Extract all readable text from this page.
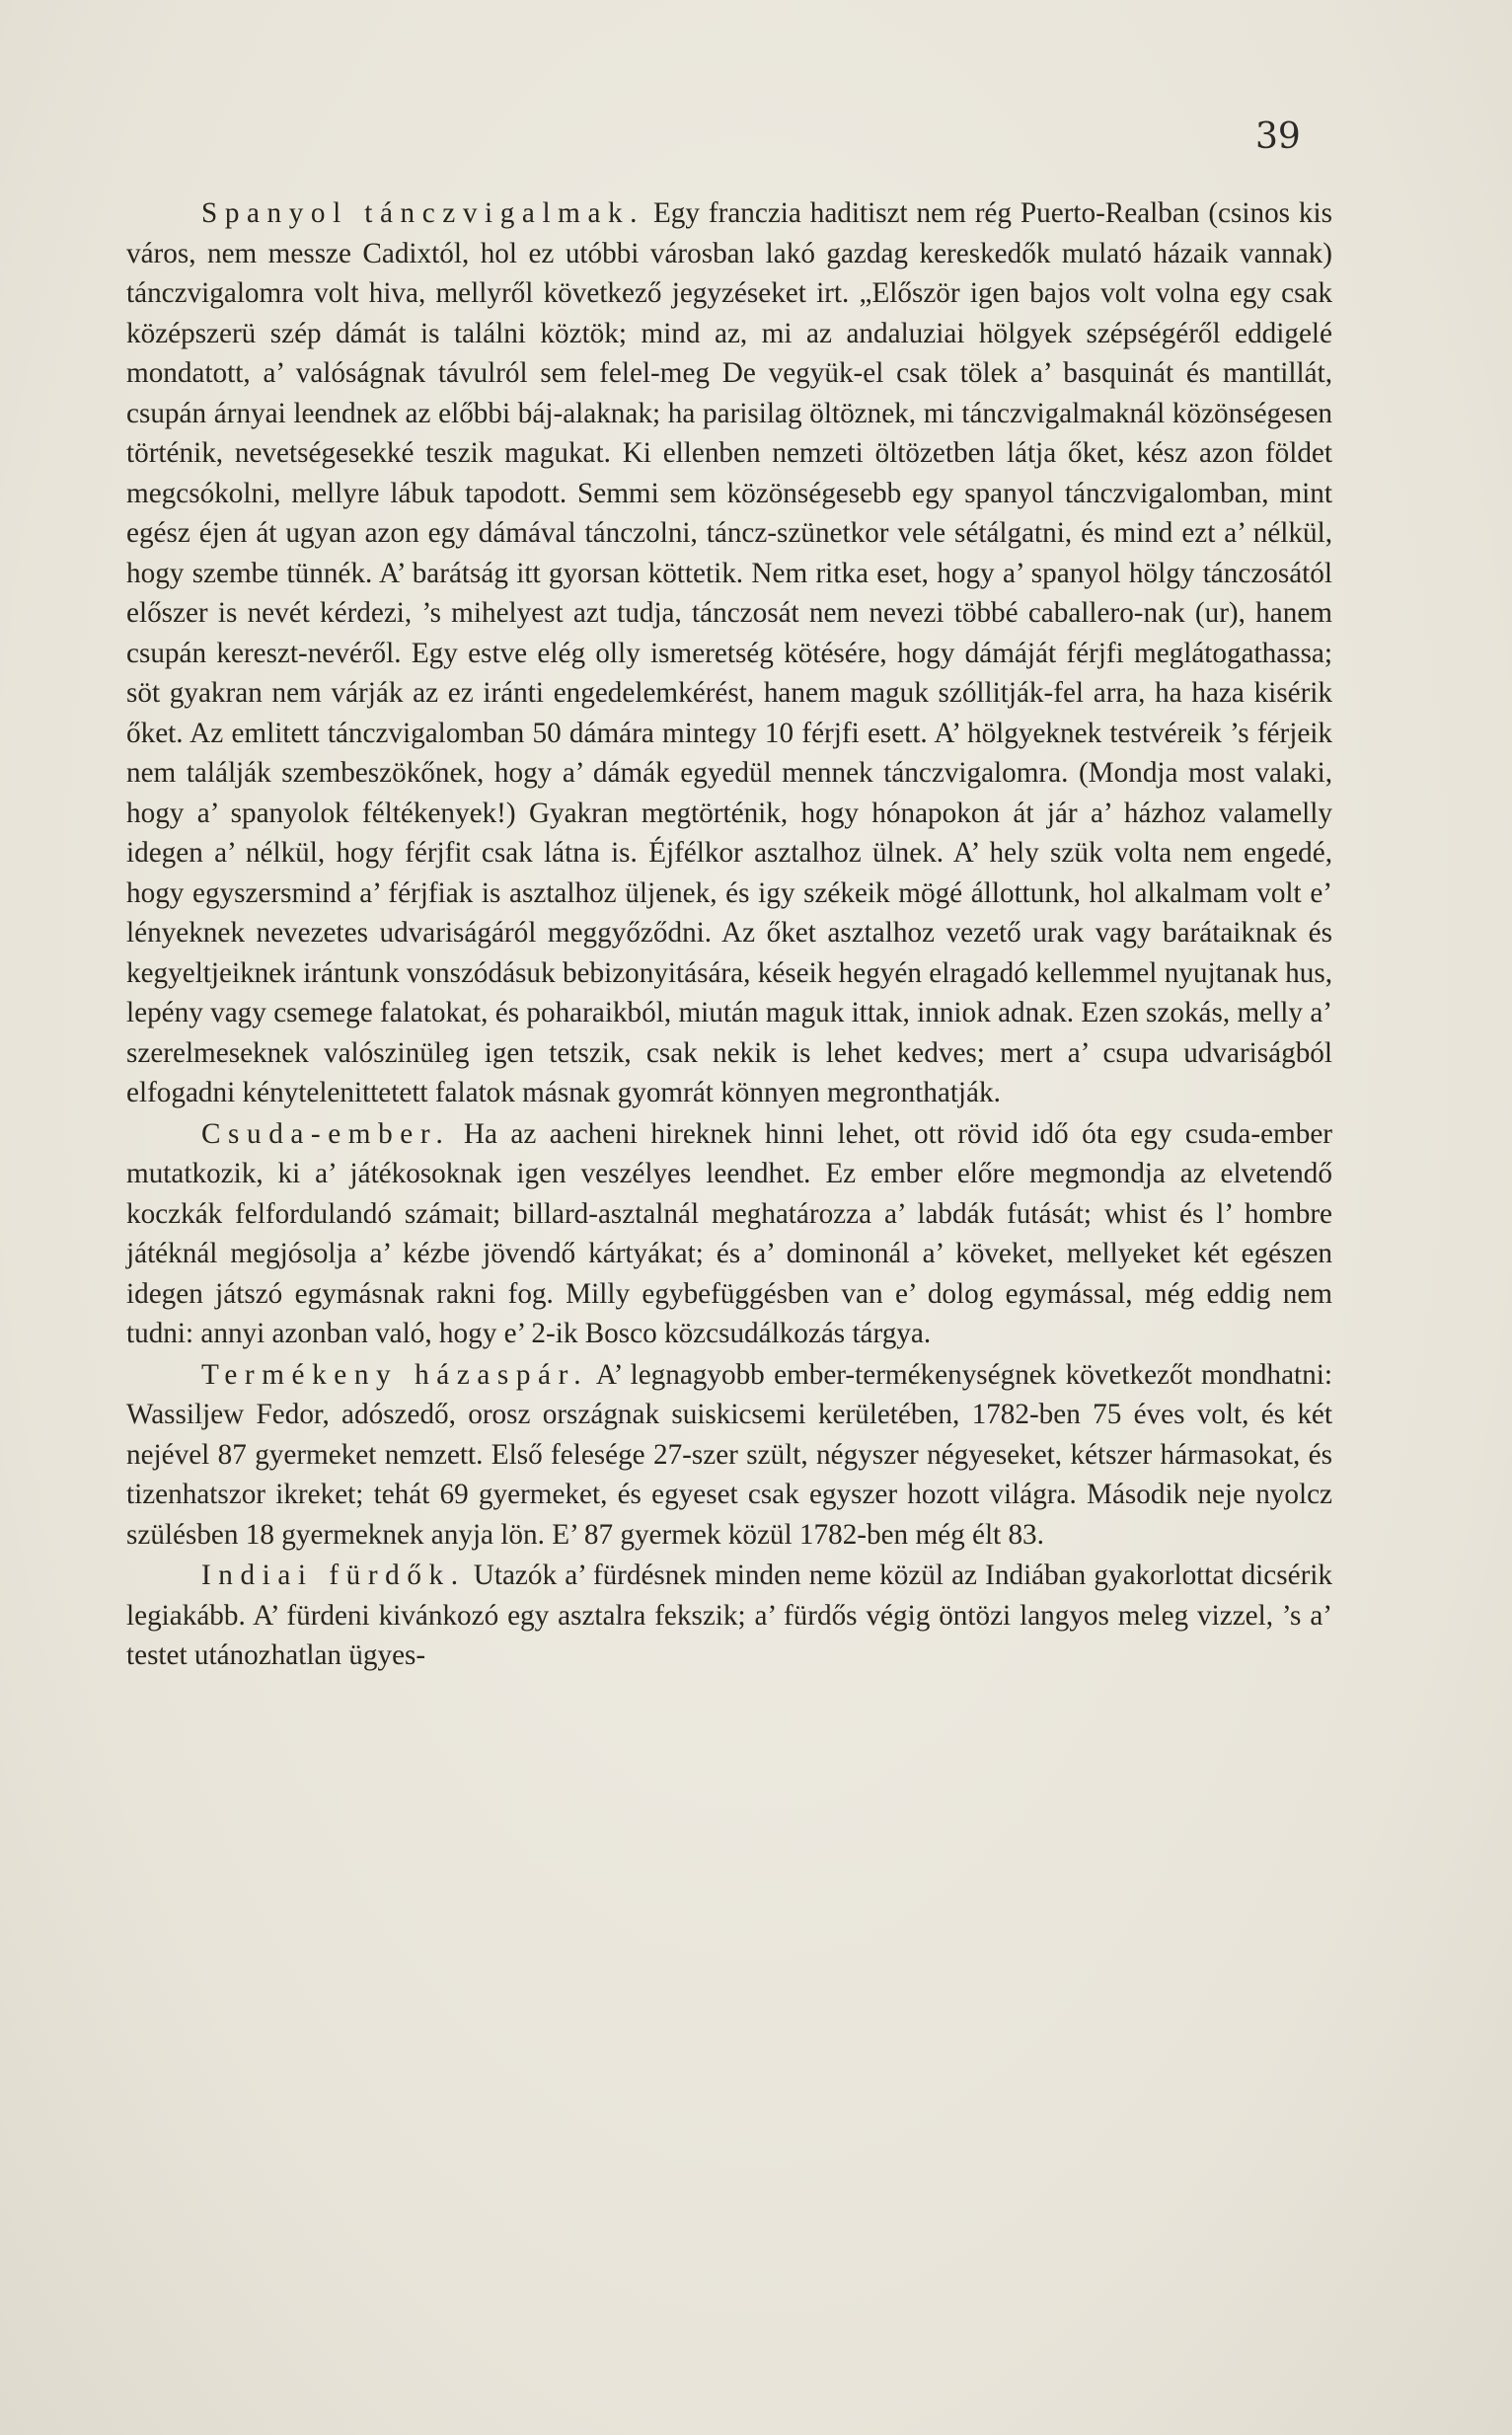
39

Spanyol tánczvigalmak. Egy franczia haditiszt nem rég Puerto-Realban (csinos kis város, nem messze Cadixtól, hol ez utóbbi városban lakó gazdag kereskedők mulató házaik vannak) tánczvigalomra volt hiva, mellyről következő jegyzéseket irt. „Először igen bajos volt volna egy csak középszerü szép dámát is találni köztök; mind az, mi az andaluziai hölgyek szépségéről eddigelé mondatott, a’ valóságnak távulról sem felel-meg De vegyük-el csak tölek a’ basquinát és mantillát, csupán árnyai leendnek az előbbi báj-alaknak; ha parisilag öltöznek, mi tánczvigalmaknál közönségesen történik, nevetségesekké teszik magukat. Ki ellenben nemzeti öltözetben látja őket, kész azon földet megcsókolni, mellyre lábuk tapodott. Semmi sem közönségesebb egy spanyol tánczvigalomban, mint egész éjen át ugyan azon egy dámával tánczolni, táncz-szünetkor vele sétálgatni, és mind ezt a’ nélkül, hogy szembe tünnék. A’ barátság itt gyorsan köttetik. Nem ritka eset, hogy a’ spanyol hölgy tánczosától előszer is nevét kérdezi, ’s mihelyest azt tudja, tánczosát nem nevezi többé caballero-nak (ur), hanem csupán kereszt-nevéről. Egy estve elég olly ismeretség kötésére, hogy dámáját férjfi meglátogathassa; söt gyakran nem várják az ez iránti engedelemkérést, hanem maguk szóllitják-fel arra, ha haza kisérik őket. Az emlitett tánczvigalomban 50 dámára mintegy 10 férjfi esett. A’ hölgyeknek testvéreik ’s férjeik nem találják szembeszökőnek, hogy a’ dámák egyedül mennek tánczvigalomra. (Mondja most valaki, hogy a’ spanyolok féltékenyek!) Gyakran megtörténik, hogy hónapokon át jár a’ házhoz valamelly idegen a’ nélkül, hogy férjfit csak látna is. Éjfélkor asztalhoz ülnek. A’ hely szük volta nem engedé, hogy egyszersmind a’ férjfiak is asztalhoz üljenek, és igy székeik mögé állottunk, hol alkalmam volt e’ lényeknek nevezetes udvariságáról meggyőződni. Az őket asztalhoz vezető urak vagy barátaiknak és kegyeltjeiknek irántunk vonszódásuk bebizonyitására, késeik hegyén elragadó kellemmel nyujtanak hus, lepény vagy csemege falatokat, és poharaikból, miután maguk ittak, inniok adnak. Ezen szokás, melly a’ szerelmeseknek valószinüleg igen tetszik, csak nekik is lehet kedves; mert a’ csupa udvariságból elfogadni kénytelenittetett falatok másnak gyomrát könnyen megronthatják.

Csuda-ember. Ha az aacheni hireknek hinni lehet, ott rövid idő óta egy csuda-ember mutatkozik, ki a’ játékosoknak igen veszélyes leendhet. Ez ember előre megmondja az elvetendő koczkák felfordulandó számait; billard-asztalnál meghatározza a’ labdák futását; whist és l’ hombre játéknál megjósolja a’ kézbe jövendő kártyákat; és a’ dominonál a’ köveket, mellyeket két egészen idegen játszó egymásnak rakni fog. Milly egybefüggésben van e’ dolog egymással, még eddig nem tudni: annyi azonban való, hogy e’ 2-ik Bosco közcsudálkozás tárgya.

Termékeny házaspár. A’ legnagyobb ember-termékenységnek következőt mondhatni: Wassiljew Fedor, adószedő, orosz országnak suiskicsemi kerületében, 1782-ben 75 éves volt, és két nejével 87 gyermeket nemzett. Első felesége 27-szer szült, négyszer négyeseket, kétszer hármasokat, és tizenhatszor ikreket; tehát 69 gyermeket, és egyeset csak egyszer hozott világra. Második neje nyolcz szülésben 18 gyermeknek anyja lön. E’ 87 gyermek közül 1782-ben még élt 83.

Indiai fürdők. Utazók a’ fürdésnek minden neme közül az Indiában gyakorlottat dicsérik legiakább. A’ fürdeni kivánkozó egy asztalra fekszik; a’ fürdős végig öntözi langyos meleg vizzel, ’s a’ testet utánozhatlan ügyes-
